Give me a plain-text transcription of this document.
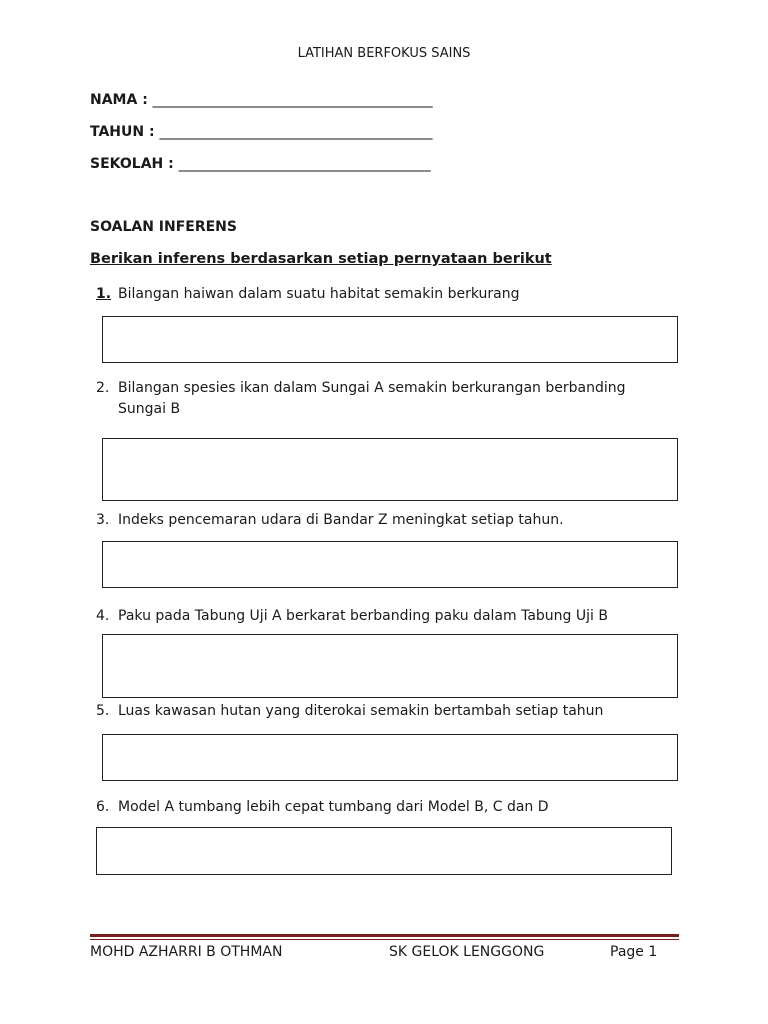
LATIHAN BERFOKUS SAINS
NAMA : ________________________________________
TAHUN : _______________________________________
SEKOLAH : ____________________________________
SOALAN INFERENS
Berikan inferens berdasarkan setiap pernyataan berikut
1. Bilangan haiwan dalam suatu habitat semakin berkurang
2. Bilangan spesies ikan dalam Sungai A semakin berkurangan berbanding
Sungai B
3. Indeks pencemaran udara di Bandar Z meningkat setiap tahun.
4. Paku pada Tabung Uji A berkarat berbanding paku dalam Tabung Uji B
5. Luas kawasan hutan yang diterokai semakin bertambah setiap tahun
6. Model A tumbang lebih cepat tumbang dari Model B, C dan D
MOHD AZHARRI B OTHMAN	SK GELOK LENGGONG	Page 1
